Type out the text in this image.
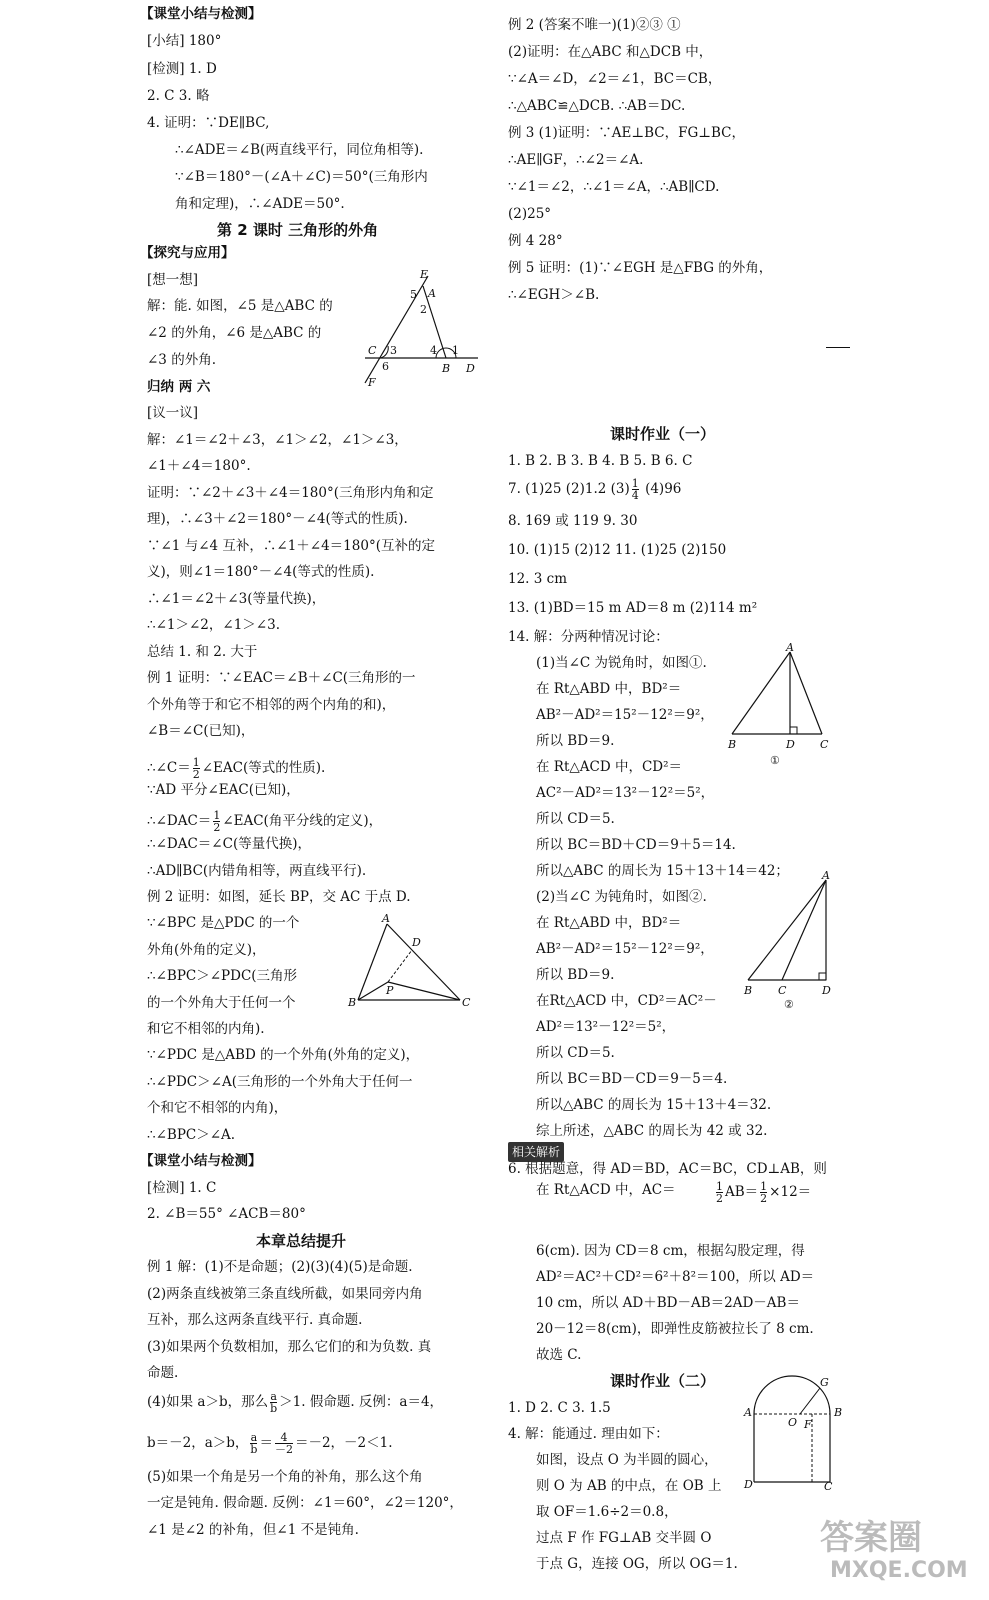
【课堂小结与检测】
[小结] 180°
[检测] 1. D
2. C 3. 略
4. 证明：∵DE∥BC,
∴∠ADE＝∠B(两直线平行，同位角相等).
∵∠B＝180°－(∠A＋∠C)＝50°(三角形内
角和定理)，∴∠ADE＝50°.
第 2 课时 三角形的外角
【探究与应用】
[想一想]
解：能. 如图，∠5 是△ABC 的
∠2 的外角，∠6 是△ABC 的
∠3 的外角.
归纳 两 六
[议一议]
解：∠1＝∠2＋∠3，∠1＞∠2，∠1＞∠3，
∠1＋∠4＝180°.
证明：∵∠2＋∠3＋∠4＝180°(三角形内角和定
理)，∴∠3＋∠2＝180°－∠4(等式的性质).
∵∠1 与∠4 互补，∴∠1＋∠4＝180°(互补的定
义)，则∠1＝180°－∠4(等式的性质).
∴∠1＝∠2＋∠3(等量代换)，
∴∠1＞∠2，∠1＞∠3.
总结 1. 和 2. 大于
例 1 证明：∵∠EAC＝∠B＋∠C(三角形的一
个外角等于和它不相邻的两个内角的和)，
∠B＝∠C(已知)，
∴∠DAC＝∠C(等量代换)，
∴AD∥BC(内错角相等，两直线平行).
例 2 证明：如图，延长 BP，交 AC 于点 D.
∵∠BPC 是△PDC 的一个
外角(外角的定义)，
∴∠BPC＞∠PDC(三角形
的一个外角大于任何一个
和它不相邻的内角).
∵∠PDC 是△ABD 的一个外角(外角的定义)，
∴∠PDC＞∠A(三角形的一个外角大于任何一
个和它不相邻的内角)，
∴∠BPC＞∠A.
【课堂小结与检测】
[检测] 1. C
2. ∠B＝55° ∠ACB＝80°
本章总结提升
例 1 解：(1)不是命题；(2)(3)(4)(5)是命题.
(2)两条直线被第三条直线所截，如果同旁内角
互补，那么这两条直线平行. 真命题.
(3)如果两个负数相加，那么它们的和为负数. 真
命题.
(5)如果一个角是另一个角的补角，那么这个角
一定是钝角. 假命题. 反例：∠1＝60°，∠2＝120°，
∠1 是∠2 的补角，但∠1 不是钝角.
∴∠C＝ $\frac{1}{2}$ ∠EAC(等式的性质).
∵AD 平分∠EAC(已知)，
∴∠DAC＝ $\frac{1}{2}$ ∠EAC(角平分线的定义)，
(4)如果 a＞b，那么 $\frac{a}{b} >1$. 假命题. 反例：a＝4，
b＝－2，a＞b， $\frac{a}{b} = \frac{4}{-2} =-2$，－2＜1.
例 2 (答案不唯一)(1)②③ ①
(2)证明：在△ABC 和△DCB 中，
∵∠A＝∠D，∠2＝∠1，BC＝CB，
∴△ABC≌△DCB. ∴AB＝DC.
例 3 (1)证明：∵AE⊥BC，FG⊥BC，
∴AE∥GF，∴∠2＝∠A.
∵∠1＝∠2，∴∠1＝∠A，∴AB∥CD.
(2)25°
例 4 28°
例 5 证明：(1)∵∠EGH 是△FBG 的外角，
∴∠EGH＞∠B.
课时作业（一）
1. B 2. B 3. B 4. B 5. B 6. C
8. 169 或 119 9. 30
10. (1)15 (2)12 11. (1)25 (2)150
12. 3 cm
13. (1)BD＝15 m AD＝8 m (2)114 m²
14. 解：分两种情况讨论：
(1)当∠C 为锐角时，如图①.
在 Rt△ABD 中，BD²＝
AB²－AD²＝15²－12²＝9²，
所以 BD＝9.
在 Rt△ACD 中，CD²＝
AC²－AD²＝13²－12²＝5²，
所以 CD＝5.
所以 BC＝BD＋CD＝9＋5＝14.
所以△ABC 的周长为 15＋13＋14＝42；
(2)当∠C 为钝角时，如图②.
在 Rt△ABD 中，BD²＝
AB²－AD²＝15²－12²＝9²，
所以 BD＝9.
在Rt△ACD 中，CD²＝AC²－
AD²＝13²－12²＝5²，
所以 CD＝5.
所以 BC＝BD－CD＝9－5＝4.
所以△ABC 的周长为 15＋13＋4＝32.
综上所述，△ABC 的周长为 42 或 32.
在 Rt△ACD 中，AC＝
6(cm). 因为 CD＝8 cm，根据勾股定理，得
AD²＝AC²＋CD²＝6²＋8²＝100，所以 AD＝
10 cm，所以 AD＋BD－AB＝2AD－AB＝
20－12＝8(cm)，即弹性皮筋被拉长了 8 cm.
故选 C.
课时作业（二）
1. D 2. C 3. 1.5
4. 解：能通过. 理由如下：
如图，设点 O 为半圆的圆心，
则 O 为 AB 的中点，在 OB 上
取 OF＝1.6÷2＝0.8，
过点 F 作 FG⊥AB 交半圆 O
于点 G，连接 OG，所以 OG＝1.
7. (1)25 (2)1.2 $(3) \frac{1}{4} (4)96$
相关解析
6. 根据题意，得 AD＝BD，AC＝BC，CD⊥AB，则
$\frac{1}{2} AB= \frac{1}{2} \times 12=$
E
A
5
2
3	4 1
C
B D
6
F
A
D
P
B	C
A
B	D C
①
A
B C	D
②
A
G
O F
B
D	C
答案圈
MXQE.COM
